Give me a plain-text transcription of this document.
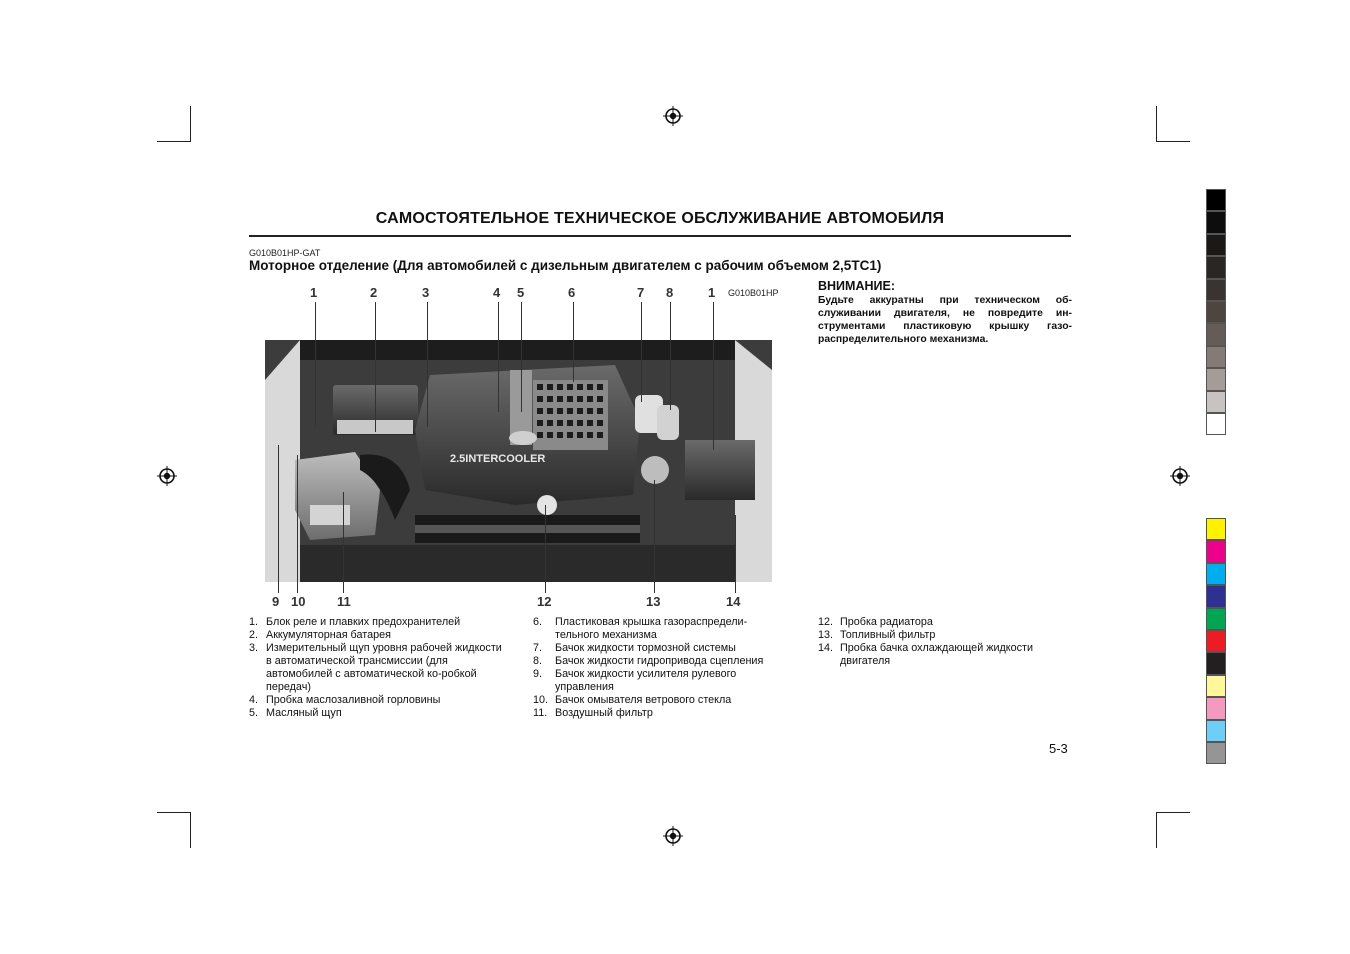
САМОСТОЯТЕЛЬНОЕ ТЕХНИЧЕСКОЕ ОБСЛУЖИВАНИЕ АВТОМОБИЛЯ
G010B01HP-GAT
Моторное отделение (Для автомобилей с дизельным двигателем с рабочим объемом 2,5ТС1)
G010B01HP	ВНИМАНИЕ:
Будьте аккуратны при техническом об-служивании двигателя, не повредите ин-струментами пластиковую крышку газо-распределительного механизма.
1	2	3	4 5	6	7 8	1
2.5INTERCOOLER
9 10 11	12	13	14
1. Блок реле и плавких предохранителей
2. Аккумуляторная батарея
3. Измерительный щуп уровня рабочей жидкости в автоматической трансмиссии (для автомобилей с автоматической ко-робкой передач)
4. Пробка маслозаливной горловины
5. Масляный щуп
6. Пластиковая крышка газораспредели-тельного механизма
7. Бачок жидкости тормозной системы
8. Бачок жидкости гидропривода сцепления
9. Бачок жидкости усилителя рулевого управления
10. Бачок омывателя ветрового стекла
11. Воздушный фильтр
12. Пробка радиатора
13. Топливный фильтр
14. Пробка бачка охлаждающей жидкости двигателя
5-3
